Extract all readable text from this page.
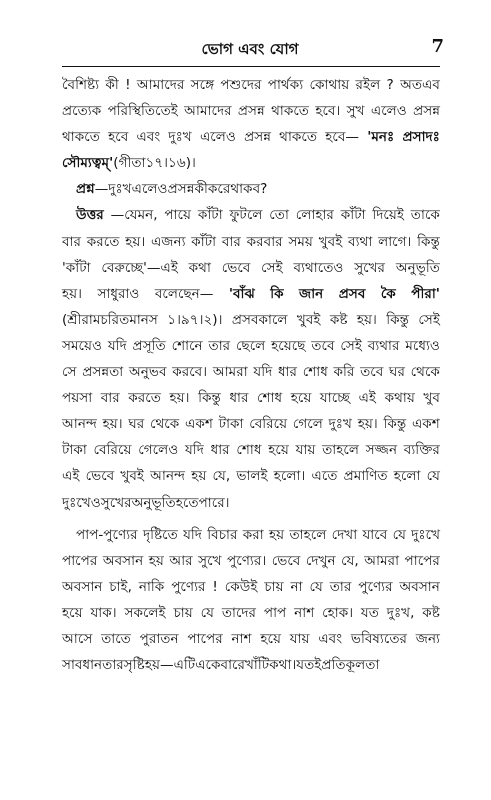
ভোগ এবং যোগ	7
বৈশিষ্ট্য কী ! আমাদের সঙ্গে পশুদের পার্থক্য কোথায় রইল ? অতএব
প্রত্যেক পরিস্থিতিতেই আমাদের প্রসন্ন থাকতে হবে। সুখ এলেও প্রসন্ন
থাকতে হবে এবং দুঃখ এলেও প্রসন্ন থাকতে হবে— 'মনঃ প্রসাদঃ
সৌম্যত্বম্' (গীতা ১৭।১৬)।
প্রশ্ন —দুঃখ এলেও প্রসন্ন কী করে থাকব ?
উত্তর —যেমন, পায়ে কাঁটা ফুটলে তো লোহার কাঁটা দিয়েই তাকে
বার করতে হয়। এজন্য কাঁটা বার করবার সময় খুবই ব্যথা লাগে। কিন্তু
'কাঁটা বেরুচ্ছে'—এই কথা ভেবে সেই ব্যথাতেও সুখের অনুভূতি
হয়। সাধুরাও বলেছেন— 'বাঁঝ কি জান প্রসব কৈ পীরা'
(শ্রীরামচরিতমানস ১।৯৭।২)। প্রসবকালে খুবই কষ্ট হয়। কিন্তু সেই
সময়েও যদি প্রসূতি শোনে তার ছেলে হয়েছে তবে সেই ব্যথার মধ্যেও
সে প্রসন্নতা অনুভব করবে। আমরা যদি ধার শোধ করি তবে ঘর থেকে
পয়সা বার করতে হয়। কিন্তু ধার শোধ হয়ে যাচ্ছে এই কথায় খুব
আনন্দ হয়। ঘর থেকে একশ টাকা বেরিয়ে গেলে দুঃখ হয়। কিন্তু একশ
টাকা বেরিয়ে গেলেও যদি ধার শোধ হয়ে যায় তাহলে সজ্জন ব্যক্তির
এই ভেবে খুবই আনন্দ হয় যে, ভালই হলো। এতে প্রমাণিত হলো যে
দুঃখেও সুখের অনুভূতি হতে পারে।
পাপ-পুণ্যের দৃষ্টিতে যদি বিচার করা হয় তাহলে দেখা যাবে যে দুঃখে
পাপের অবসান হয় আর সুখে পুণ্যের। ভেবে দেখুন যে, আমরা পাপের
অবসান চাই, নাকি পুণ্যের ! কেউই চায় না যে তার পুণ্যের অবসান
হয়ে যাক। সকলেই চায় যে তাদের পাপ নাশ হোক। যত দুঃখ, কষ্ট
আসে তাতে পুরাতন পাপের নাশ হয়ে যায় এবং ভবিষ্যতের জন্য
সাবধানতার সৃষ্টি হয়—এটি একেবারে খাঁটি কথা। যতই প্রতিকূলতা
